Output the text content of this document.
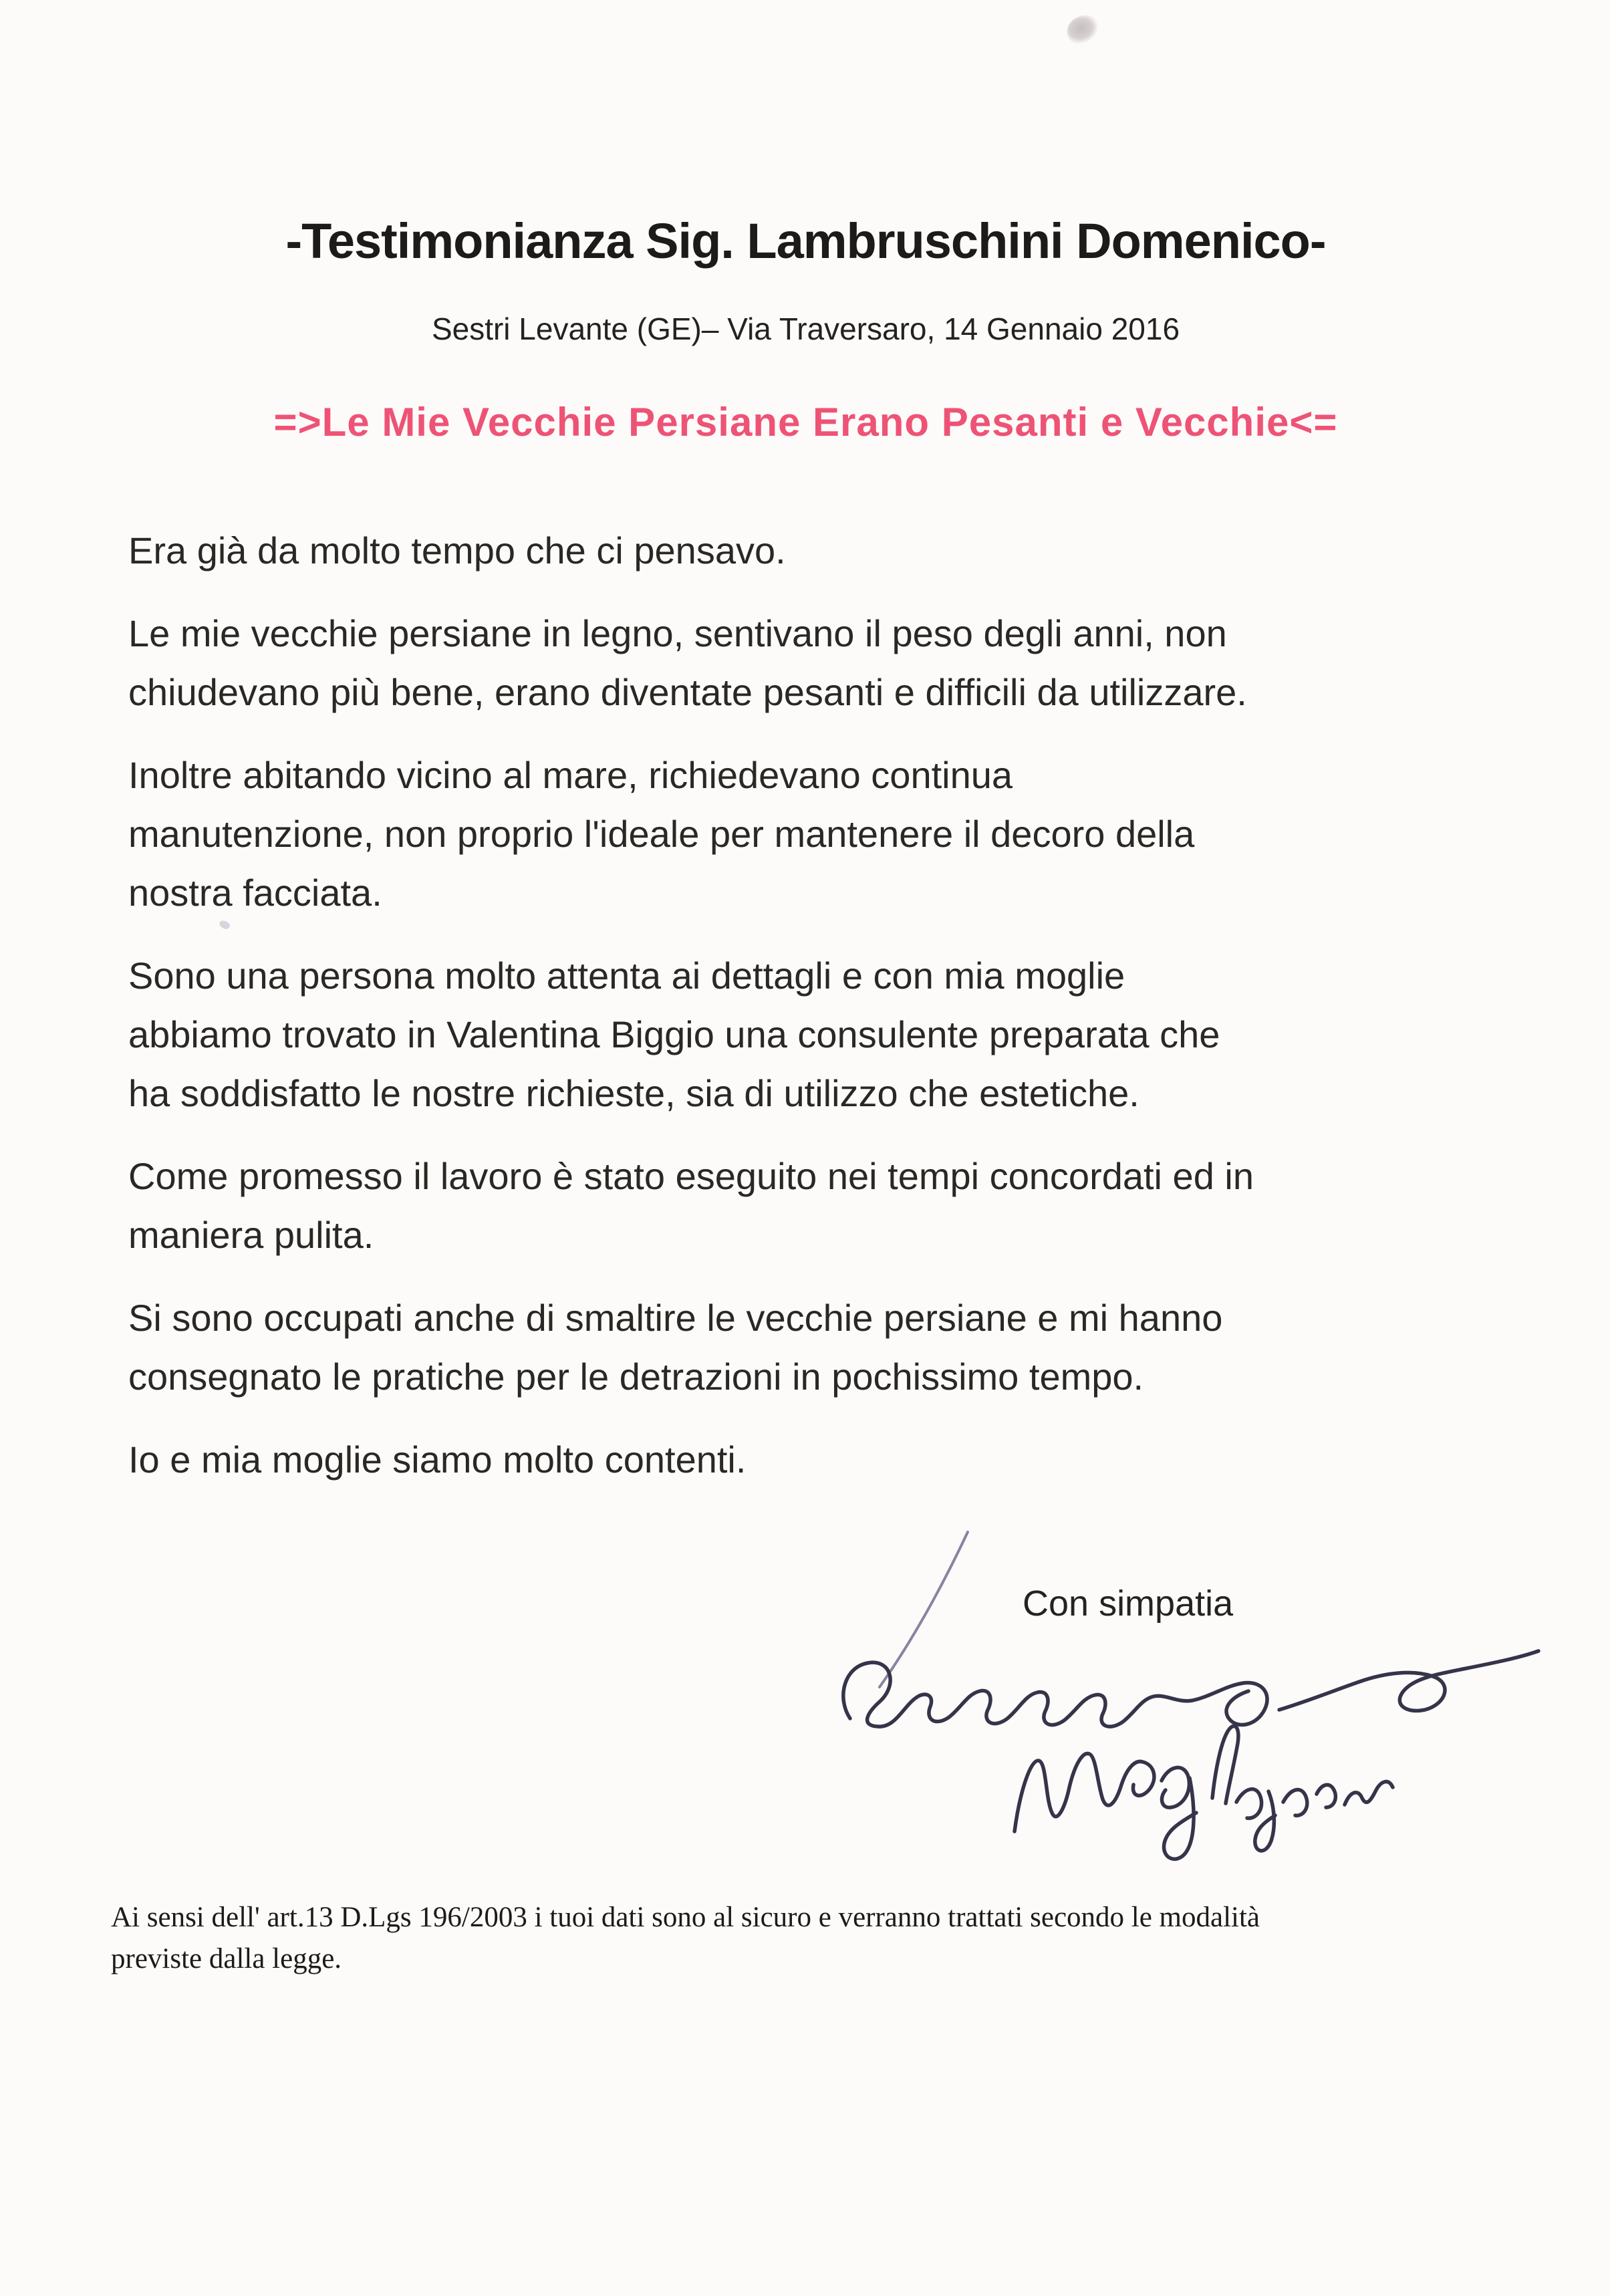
-Testimonianza Sig. Lambruschini Domenico-
Sestri Levante (GE)– Via Traversaro, 14 Gennaio 2016
=>Le Mie Vecchie Persiane Erano Pesanti e Vecchie<=

Era già da molto tempo che ci pensavo.

Le mie vecchie persiane in legno, sentivano il peso degli anni, non
chiudevano più bene, erano diventate pesanti e difficili da utilizzare.

Inoltre abitando vicino al mare, richiedevano continua
manutenzione, non proprio l'ideale per mantenere il decoro della
nostra facciata.

Sono una persona molto attenta ai dettagli e con mia moglie
abbiamo trovato in Valentina Biggio una consulente preparata che
ha soddisfatto le nostre richieste, sia di utilizzo che estetiche.

Come promesso il lavoro è stato eseguito nei tempi concordati ed in
maniera pulita.

Si sono occupati anche di smaltire le vecchie persiane e mi hanno
consegnato le pratiche per le detrazioni in pochissimo tempo.

Io e mia moglie siamo molto contenti.

Con simpatia
Ai sensi dell' art.13 D.Lgs 196/2003 i tuoi dati sono al sicuro e verranno trattati secondo le modalità
previste dalla legge.
